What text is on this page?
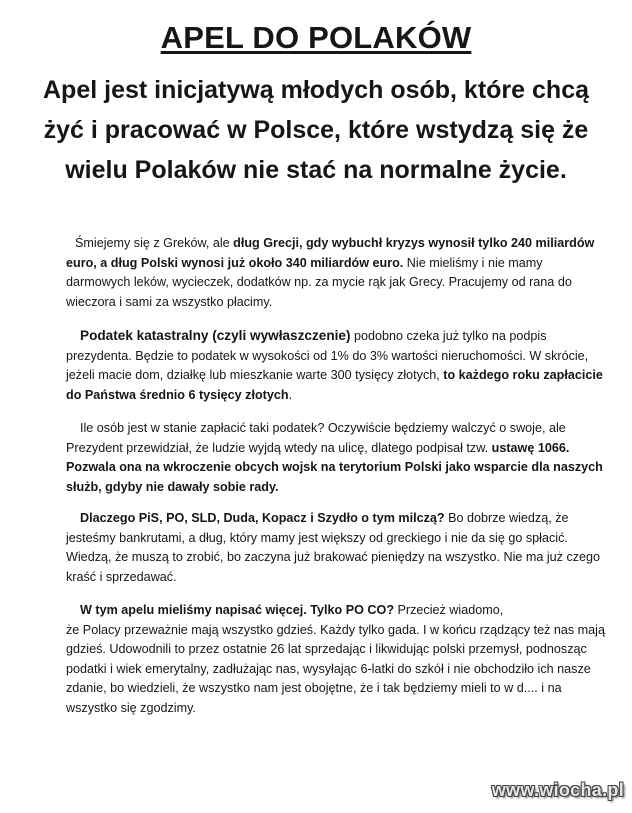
APEL DO POLAKÓW
Apel jest inicjatywą młodych osób, które chcą
żyć i pracować w Polsce, które wstydzą się że
wielu Polaków nie stać na normalne życie.
Śmiejemy się z Greków, ale dług Grecji, gdy wybuchł kryzys wynosił tylko 240 miliardów
euro, a dług Polski wynosi już około 340 miliardów euro. Nie mieliśmy i nie mamy
darmowych leków, wycieczek, dodatków np. za mycie rąk jak Grecy. Pracujemy od rana do
wieczora i sami za wszystko płacimy.
Podatek katastralny (czyli wywłaszczenie) podobno czeka już tylko na podpis
prezydenta. Będzie to podatek w wysokości od 1% do 3% wartości nieruchomości. W skrócie,
jeżeli macie dom, działkę lub mieszkanie warte 300 tysięcy złotych, to każdego roku zapłacicie
do Państwa średnio 6 tysięcy złotych.
Ile osób jest w stanie zapłacić taki podatek? Oczywiście będziemy walczyć o swoje, ale
Prezydent przewidział, że ludzie wyjdą wtedy na ulicę, dlatego podpisał tzw. ustawę 1066.
Pozwala ona na wkroczenie obcych wojsk na terytorium Polski jako wsparcie dla naszych
służb, gdyby nie dawały sobie rady.
Dlaczego PiS, PO, SLD, Duda, Kopacz i Szydło o tym milczą? Bo dobrze wiedzą, że
jesteśmy bankrutami, a dług, który mamy jest większy od greckiego i nie da się go spłacić.
Wiedzą, że muszą to zrobić, bo zaczyna już brakować pieniędzy na wszystko. Nie ma już czego
kraść i sprzedawać.
W tym apelu mieliśmy napisać więcej. Tylko PO CO? Przecież wiadomo,
że Polacy przeważnie mają wszystko gdzieś. Każdy tylko gada. I w końcu rządzący też nas mają
gdzieś. Udowodnili to przez ostatnie 26 lat sprzedając i likwidując polski przemysł, podnosząc
podatki i wiek emerytalny, zadłużając nas, wysyłając 6-latki do szkół i nie obchodziło ich nasze
zdanie, bo wiedzieli, że wszystko nam jest obojętne, że i tak będziemy mieli to w d.... i na
wszystko się zgodzimy.
www.wiocha.pl
